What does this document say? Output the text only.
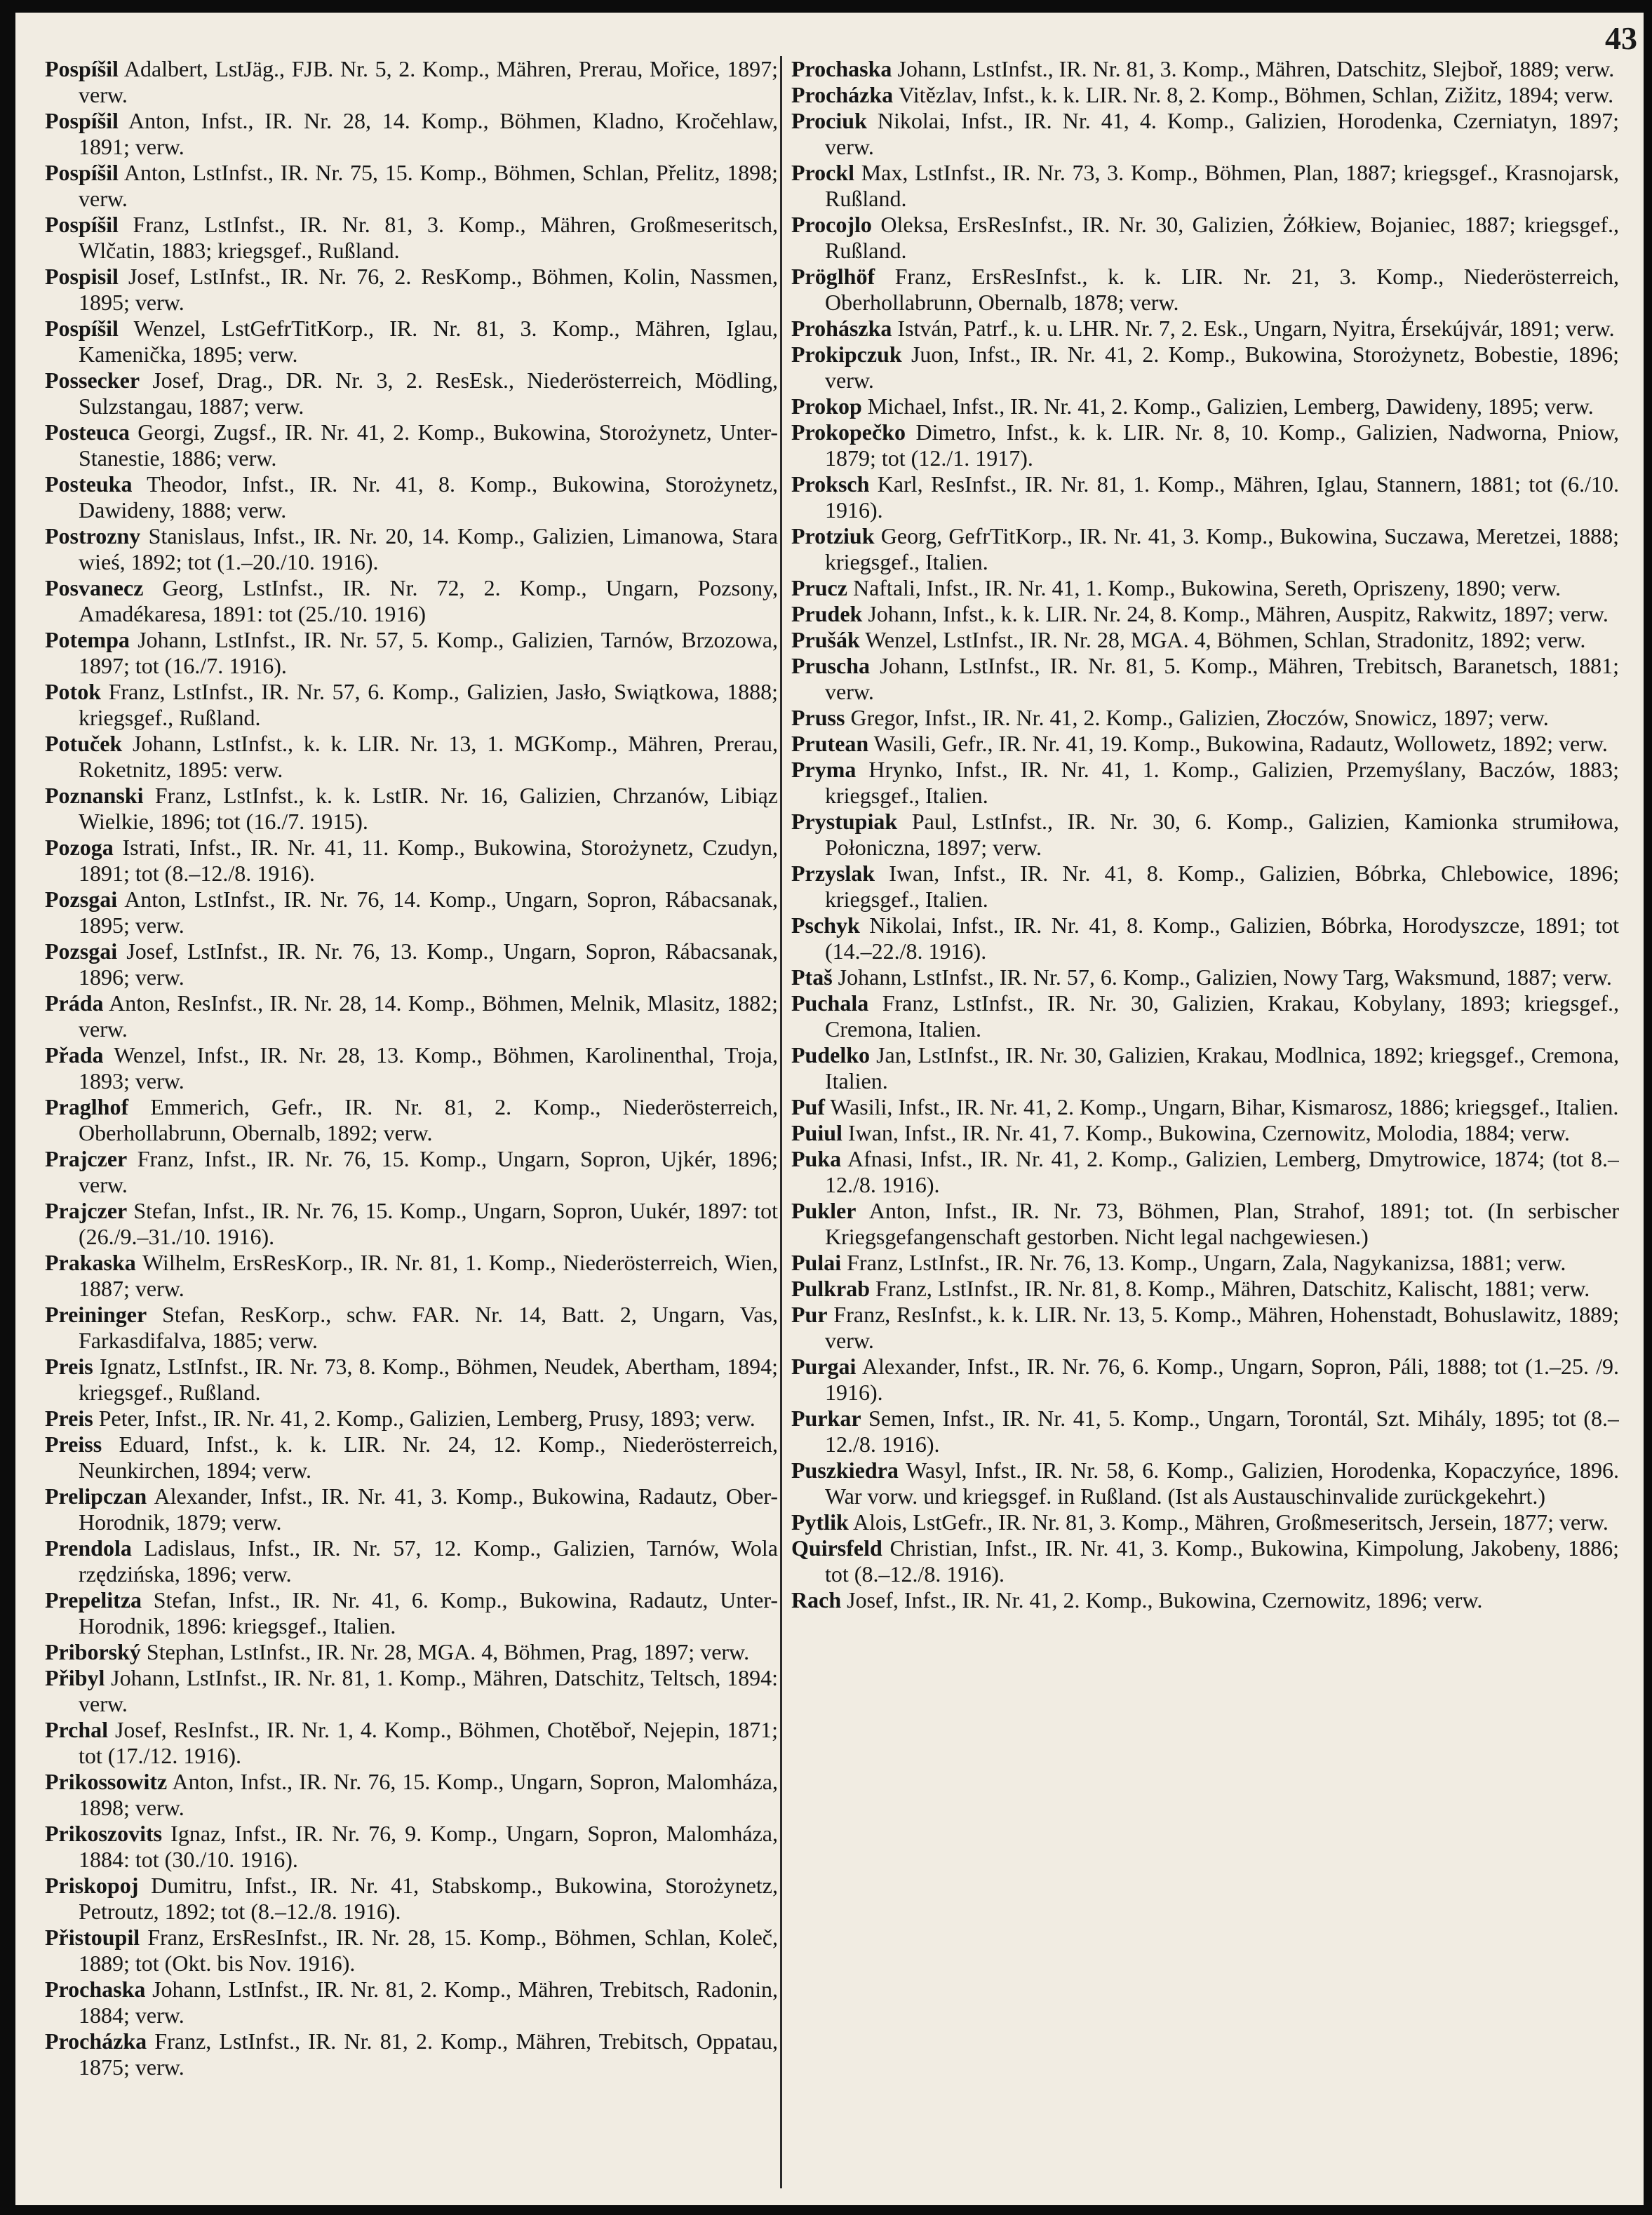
43
Pospíšil Adalbert, LstJäg., FJB. Nr. 5, 2. Komp., Mähren, Prerau, Mořice, 1897; verw.
Pospíšil Anton, Infst., IR. Nr. 28, 14. Komp., Böhmen, Kladno, Kročehlaw, 1891; verw.
Pospíšil Anton, LstInfst., IR. Nr. 75, 15. Komp., Böhmen, Schlan, Přelitz, 1898; verw.
Pospíšil Franz, LstInfst., IR. Nr. 81, 3. Komp., Mähren, Großmeseritsch, Wlčatin, 1883; kriegsgef., Rußland.
Pospisil Josef, LstInfst., IR. Nr. 76, 2. ResKomp., Böhmen, Kolin, Nassmen, 1895; verw.
Pospíšil Wenzel, LstGefrTitKorp., IR. Nr. 81, 3. Komp., Mähren, Iglau, Kamenička, 1895; verw.
Possecker Josef, Drag., DR. Nr. 3, 2. ResEsk., Niederösterreich, Mödling, Sulzstangau, 1887; verw.
Posteuca Georgi, Zugsf., IR. Nr. 41, 2. Komp., Bukowina, Storożynetz, Unter-Stanestie, 1886; verw.
Posteuka Theodor, Infst., IR. Nr. 41, 8. Komp., Bukowina, Storożynetz, Dawideny, 1888; verw.
Postrozny Stanislaus, Infst., IR. Nr. 20, 14. Komp., Galizien, Limanowa, Stara wieś, 1892; tot (1.–20./10. 1916).
Posvanecz Georg, LstInfst., IR. Nr. 72, 2. Komp., Ungarn, Pozsony, Amadékaresa, 1891: tot (25./10. 1916)
Potempa Johann, LstInfst., IR. Nr. 57, 5. Komp., Galizien, Tarnów, Brzozowa, 1897; tot (16./7. 1916).
Potok Franz, LstInfst., IR. Nr. 57, 6. Komp., Galizien, Jasło, Swiątkowa, 1888; kriegsgef., Rußland.
Potuček Johann, LstInfst., k. k. LIR. Nr. 13, 1. MGKomp., Mähren, Prerau, Roketnitz, 1895: verw.
Poznanski Franz, LstInfst., k. k. LstIR. Nr. 16, Galizien, Chrzanów, Libiąz Wielkie, 1896; tot (16./7. 1915).
Pozoga Istrati, Infst., IR. Nr. 41, 11. Komp., Bukowina, Storożynetz, Czudyn, 1891; tot (8.–12./8. 1916).
Pozsgai Anton, LstInfst., IR. Nr. 76, 14. Komp., Ungarn, Sopron, Rábacsanak, 1895; verw.
Pozsgai Josef, LstInfst., IR. Nr. 76, 13. Komp., Ungarn, Sopron, Rábacsanak, 1896; verw.
Práda Anton, ResInfst., IR. Nr. 28, 14. Komp., Böhmen, Melnik, Mlasitz, 1882; verw.
Přada Wenzel, Infst., IR. Nr. 28, 13. Komp., Böhmen, Karolinenthal, Troja, 1893; verw.
Praglhof Emmerich, Gefr., IR. Nr. 81, 2. Komp., Niederösterreich, Oberhollabrunn, Obernalb, 1892; verw.
Prajczer Franz, Infst., IR. Nr. 76, 15. Komp., Ungarn, Sopron, Ujkér, 1896; verw.
Prajczer Stefan, Infst., IR. Nr. 76, 15. Komp., Ungarn, Sopron, Uukér, 1897: tot (26./9.–31./10. 1916).
Prakaska Wilhelm, ErsResKorp., IR. Nr. 81, 1. Komp., Niederösterreich, Wien, 1887; verw.
Preininger Stefan, ResKorp., schw. FAR. Nr. 14, Batt. 2, Ungarn, Vas, Farkasdifalva, 1885; verw.
Preis Ignatz, LstInfst., IR. Nr. 73, 8. Komp., Böhmen, Neudek, Abertham, 1894; kriegsgef., Rußland.
Preis Peter, Infst., IR. Nr. 41, 2. Komp., Galizien, Lemberg, Prusy, 1893; verw.
Preiss Eduard, Infst., k. k. LIR. Nr. 24, 12. Komp., Niederösterreich, Neunkirchen, 1894; verw.
Prelipczan Alexander, Infst., IR. Nr. 41, 3. Komp., Bukowina, Radautz, Ober-Horodnik, 1879; verw.
Prendola Ladislaus, Infst., IR. Nr. 57, 12. Komp., Galizien, Tarnów, Wola rzędzińska, 1896; verw.
Prepelitza Stefan, Infst., IR. Nr. 41, 6. Komp., Bukowina, Radautz, Unter-Horodnik, 1896: kriegsgef., Italien.
Priborský Stephan, LstInfst., IR. Nr. 28, MGA. 4, Böhmen, Prag, 1897; verw.
Přibyl Johann, LstInfst., IR. Nr. 81, 1. Komp., Mähren, Datschitz, Teltsch, 1894: verw.
Prchal Josef, ResInfst., IR. Nr. 1, 4. Komp., Böhmen, Chotěboř, Nejepin, 1871; tot (17./12. 1916).
Prikossowitz Anton, Infst., IR. Nr. 76, 15. Komp., Ungarn, Sopron, Malomháza, 1898; verw.
Prikoszovits Ignaz, Infst., IR. Nr. 76, 9. Komp., Ungarn, Sopron, Malomháza, 1884: tot (30./10. 1916).
Priskopoj Dumitru, Infst., IR. Nr. 41, Stabskomp., Bukowina, Storożynetz, Petroutz, 1892; tot (8.–12./8. 1916).
Přistoupil Franz, ErsResInfst., IR. Nr. 28, 15. Komp., Böhmen, Schlan, Koleč, 1889; tot (Okt. bis Nov. 1916).
Prochaska Johann, LstInfst., IR. Nr. 81, 2. Komp., Mähren, Trebitsch, Radonin, 1884; verw.
Procházka Franz, LstInfst., IR. Nr. 81, 2. Komp., Mähren, Trebitsch, Oppatau, 1875; verw.
Prochaska Johann, LstInfst., IR. Nr. 81, 3. Komp., Mähren, Datschitz, Slejboř, 1889; verw.
Procházka Vitězlav, Infst., k. k. LIR. Nr. 8, 2. Komp., Böhmen, Schlan, Zižitz, 1894; verw.
Prociuk Nikolai, Infst., IR. Nr. 41, 4. Komp., Galizien, Horodenka, Czerniatyn, 1897; verw.
Prockl Max, LstInfst., IR. Nr. 73, 3. Komp., Böhmen, Plan, 1887; kriegsgef., Krasnojarsk, Rußland.
Procojlo Oleksa, ErsResInfst., IR. Nr. 30, Galizien, Żółkiew, Bojaniec, 1887; kriegsgef., Rußland.
Pröglhöf Franz, ErsResInfst., k. k. LIR. Nr. 21, 3. Komp., Niederösterreich, Oberhollabrunn, Obernalb, 1878; verw.
Prohászka István, Patrf., k. u. LHR. Nr. 7, 2. Esk., Ungarn, Nyitra, Érsekújvár, 1891; verw.
Prokipczuk Juon, Infst., IR. Nr. 41, 2. Komp., Bukowina, Storożynetz, Bobestie, 1896; verw.
Prokop Michael, Infst., IR. Nr. 41, 2. Komp., Galizien, Lemberg, Dawideny, 1895; verw.
Prokopečko Dimetro, Infst., k. k. LIR. Nr. 8, 10. Komp., Galizien, Nadworna, Pniow, 1879; tot (12./1. 1917).
Proksch Karl, ResInfst., IR. Nr. 81, 1. Komp., Mähren, Iglau, Stannern, 1881; tot (6./10. 1916).
Protziuk Georg, GefrTitKorp., IR. Nr. 41, 3. Komp., Bukowina, Suczawa, Meretzei, 1888; kriegsgef., Italien.
Prucz Naftali, Infst., IR. Nr. 41, 1. Komp., Bukowina, Sereth, Opriszeny, 1890; verw.
Prudek Johann, Infst., k. k. LIR. Nr. 24, 8. Komp., Mähren, Auspitz, Rakwitz, 1897; verw.
Prušák Wenzel, LstInfst., IR. Nr. 28, MGA. 4, Böhmen, Schlan, Stradonitz, 1892; verw.
Pruscha Johann, LstInfst., IR. Nr. 81, 5. Komp., Mähren, Trebitsch, Baranetsch, 1881; verw.
Pruss Gregor, Infst., IR. Nr. 41, 2. Komp., Galizien, Złoczów, Snowicz, 1897; verw.
Prutean Wasili, Gefr., IR. Nr. 41, 19. Komp., Bukowina, Radautz, Wollowetz, 1892; verw.
Pryma Hrynko, Infst., IR. Nr. 41, 1. Komp., Galizien, Przemyślany, Baczów, 1883; kriegsgef., Italien.
Prystupiak Paul, LstInfst., IR. Nr. 30, 6. Komp., Galizien, Kamionka strumiłowa, Połoniczna, 1897; verw.
Przyslak Iwan, Infst., IR. Nr. 41, 8. Komp., Galizien, Bóbrka, Chlebowice, 1896; kriegsgef., Italien.
Pschyk Nikolai, Infst., IR. Nr. 41, 8. Komp., Galizien, Bóbrka, Horodyszcze, 1891; tot (14.–22./8. 1916).
Ptaš Johann, LstInfst., IR. Nr. 57, 6. Komp., Galizien, Nowy Targ, Waksmund, 1887; verw.
Puchala Franz, LstInfst., IR. Nr. 30, Galizien, Krakau, Kobylany, 1893; kriegsgef., Cremona, Italien.
Pudelko Jan, LstInfst., IR. Nr. 30, Galizien, Krakau, Modlnica, 1892; kriegsgef., Cremona, Italien.
Puf Wasili, Infst., IR. Nr. 41, 2. Komp., Ungarn, Bihar, Kismarosz, 1886; kriegsgef., Italien.
Puiul Iwan, Infst., IR. Nr. 41, 7. Komp., Bukowina, Czernowitz, Molodia, 1884; verw.
Puka Afnasi, Infst., IR. Nr. 41, 2. Komp., Galizien, Lemberg, Dmytrowice, 1874; (tot 8.–12./8. 1916).
Pukler Anton, Infst., IR. Nr. 73, Böhmen, Plan, Strahof, 1891; tot. (In serbischer Kriegsgefangenschaft gestorben. Nicht legal nachgewiesen.)
Pulai Franz, LstInfst., IR. Nr. 76, 13. Komp., Ungarn, Zala, Nagykanizsa, 1881; verw.
Pulkrab Franz, LstInfst., IR. Nr. 81, 8. Komp., Mähren, Datschitz, Kalischt, 1881; verw.
Pur Franz, ResInfst., k. k. LIR. Nr. 13, 5. Komp., Mähren, Hohenstadt, Bohuslawitz, 1889; verw.
Purgai Alexander, Infst., IR. Nr. 76, 6. Komp., Ungarn, Sopron, Páli, 1888; tot (1.–25. /9. 1916).
Purkar Semen, Infst., IR. Nr. 41, 5. Komp., Ungarn, Torontál, Szt. Mihály, 1895; tot (8.–12./8. 1916).
Puszkiedra Wasyl, Infst., IR. Nr. 58, 6. Komp., Galizien, Horodenka, Kopaczyńce, 1896. War vorw. und kriegsgef. in Rußland. (Ist als Austauschinvalide zurückgekehrt.)
Pytlik Alois, LstGefr., IR. Nr. 81, 3. Komp., Mähren, Großmeseritsch, Jersein, 1877; verw.
Quirsfeld Christian, Infst., IR. Nr. 41, 3. Komp., Bukowina, Kimpolung, Jakobeny, 1886; tot (8.–12./8. 1916).
Rach Josef, Infst., IR. Nr. 41, 2. Komp., Bukowina, Czernowitz, 1896; verw.
